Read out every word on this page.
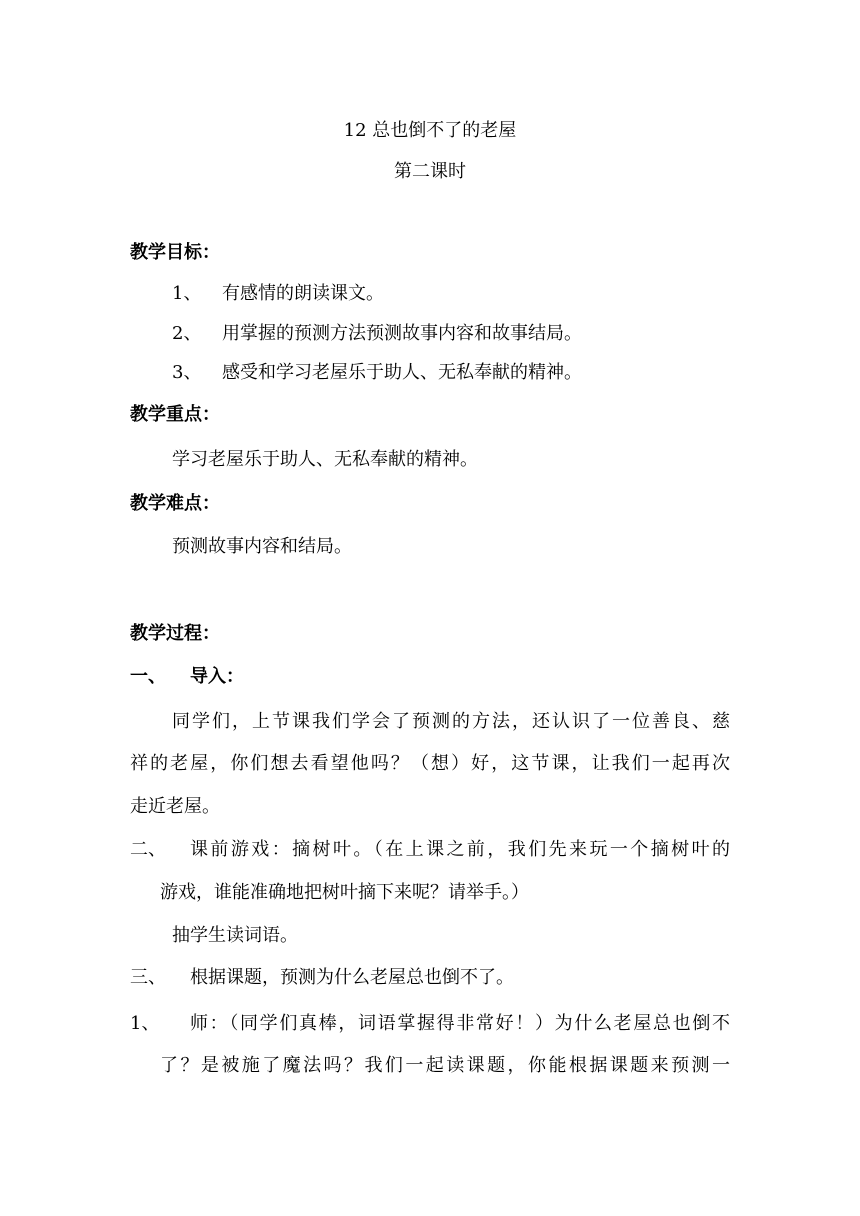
12 总也倒不了的老屋
第二课时
教学目标：
1、 有感情的朗读课文。
2、 用掌握的预测方法预测故事内容和故事结局。
3、 感受和学习老屋乐于助人、无私奉献的精神。
教学重点：
学习老屋乐于助人、无私奉献的精神。
教学难点：
预测故事内容和结局。
教学过程：
一、 导入：
同学们，上节课我们学会了预测的方法，还认识了一位善良、慈
祥的老屋，你们想去看望他吗？（想）好，这节课，让我们一起再次
走近老屋。
二、 课前游戏：摘树叶。（在上课之前，我们先来玩一个摘树叶的
游戏，谁能准确地把树叶摘下来呢？请举手。）
抽学生读词语。
三、 根据课题，预测为什么老屋总也倒不了。
1、 师：（同学们真棒，词语掌握得非常好！）为什么老屋总也倒不
了？是被施了魔法吗？我们一起读课题，你能根据课题来预测一
